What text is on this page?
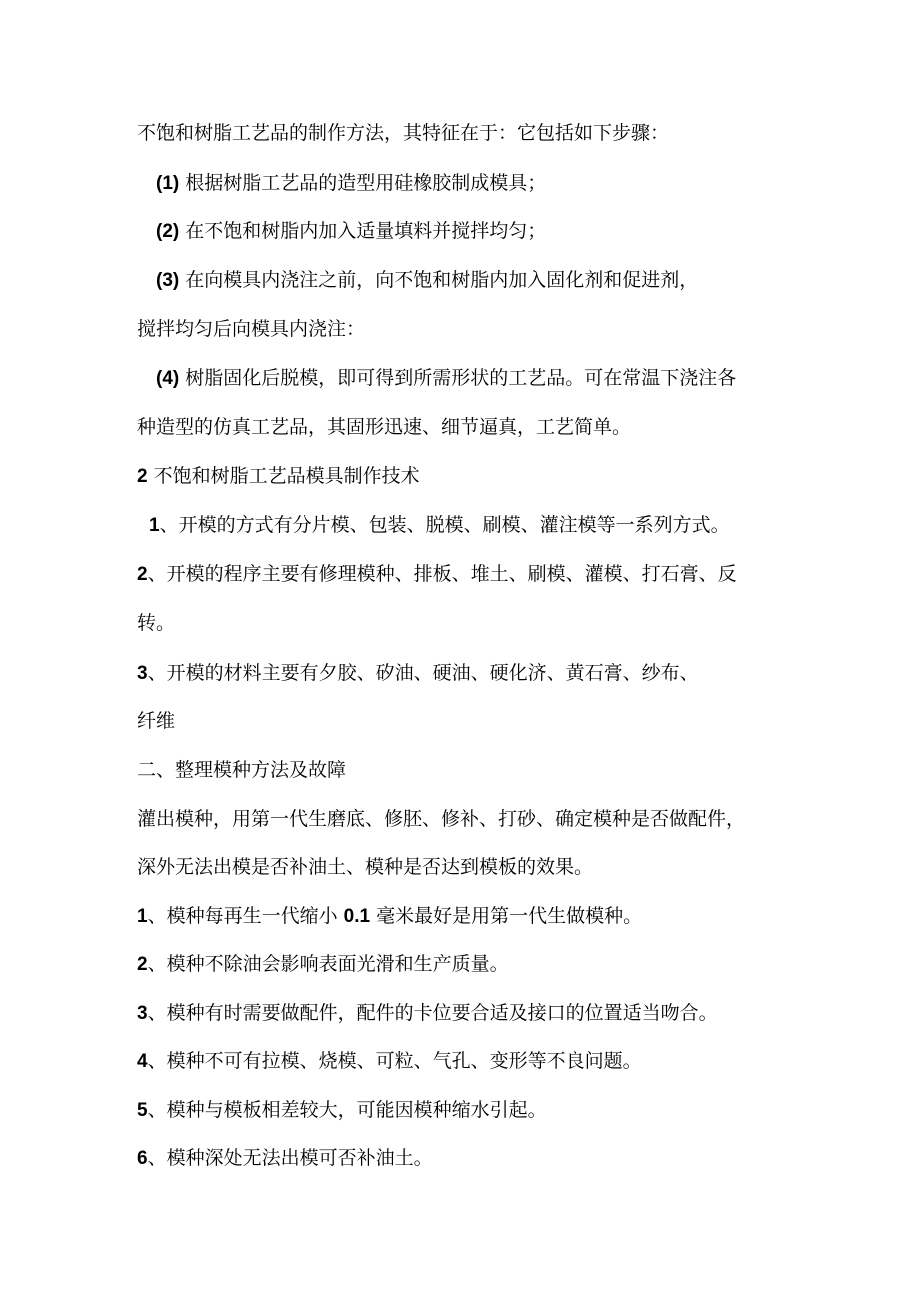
不饱和树脂工艺品的制作方法，其特征在于：它包括如下步骤：
(1) 根据树脂工艺品的造型用硅橡胶制成模具；
(2) 在不饱和树脂内加入适量填料并搅拌均匀；
(3) 在向模具内浇注之前，向不饱和树脂内加入固化剂和促进剂，
搅拌均匀后向模具内浇注：
(4) 树脂固化后脱模，即可得到所需形状的工艺品。可在常温下浇注各
种造型的仿真工艺品，其固形迅速、细节逼真，工艺简单。
2 不饱和树脂工艺品模具制作技术
1、开模的方式有分片模、包装、脱模、刷模、灌注模等一系列方式。
2、开模的程序主要有修理模种、排板、堆土、刷模、灌模、打石膏、反
转。
3、开模的材料主要有夕胶、矽油、硬油、硬化济、黄石膏、纱布、
纤维
二、整理模种方法及故障
灌出模种，用第一代生磨底、修胚、修补、打砂、确定模种是否做配件，
深外无法出模是否补油土、模种是否达到模板的效果。
1、模种每再生一代缩小 0.1 毫米最好是用第一代生做模种。
2、模种不除油会影响表面光滑和生产质量。
3、模种有时需要做配件，配件的卡位要合适及接口的位置适当吻合。
4、模种不可有拉模、烧模、可粒、气孔、变形等不良问题。
5、模种与模板相差较大，可能因模种缩水引起。
6、模种深处无法出模可否补油土。
